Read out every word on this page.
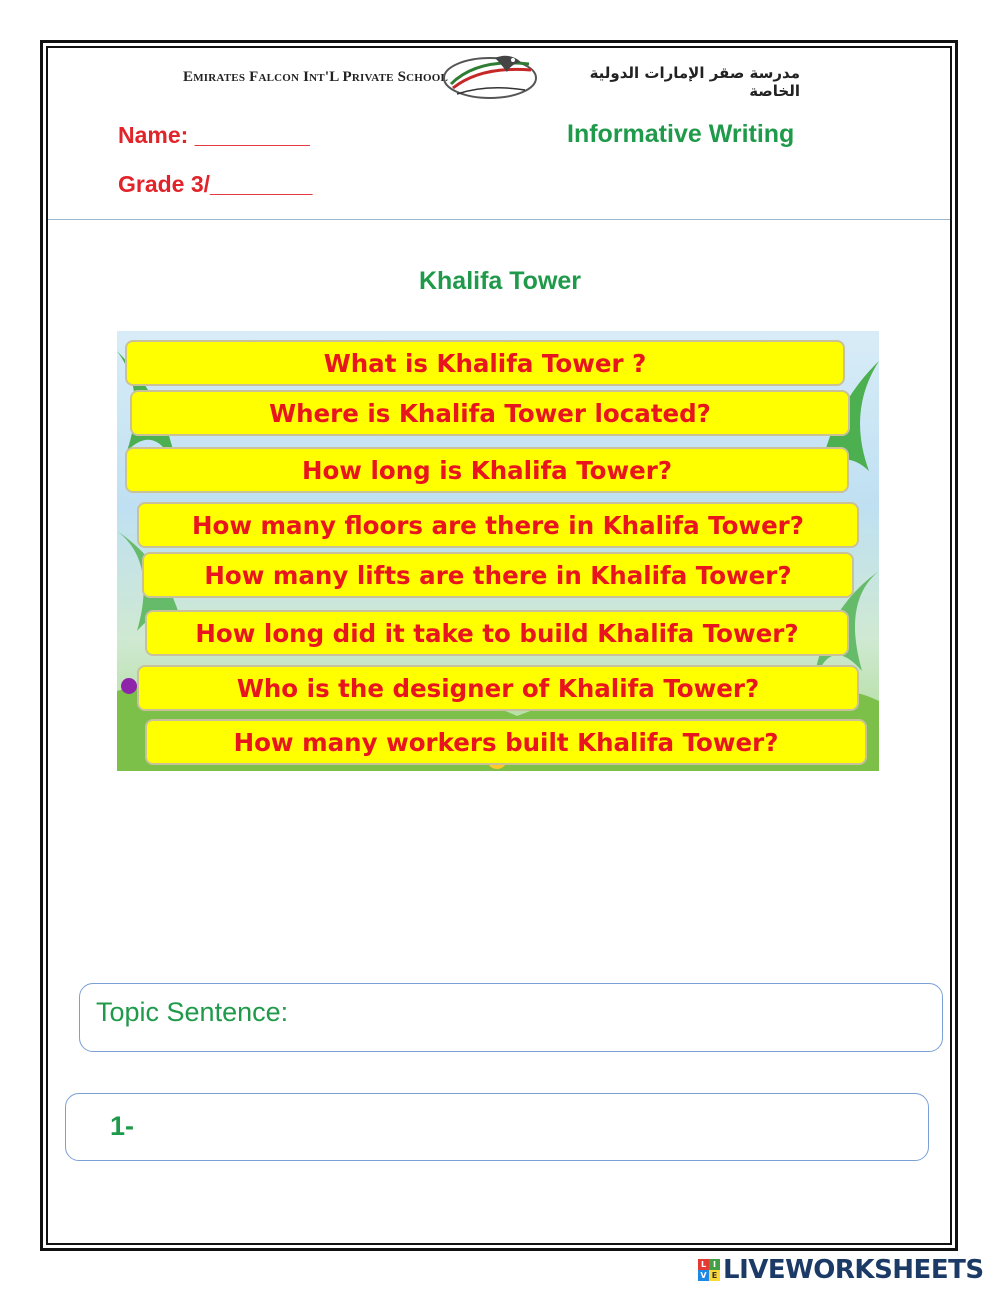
Emirates Falcon Int'L Private School	مدرسة صقر الإمارات الدولية الخاصة
Name: _________	Informative Writing
Grade 3/________
Khalifa Tower
What is Khalifa Tower ?
Where is Khalifa Tower located?
How long is Khalifa Tower?
How many floors are there in Khalifa Tower?
How many lifts are there in Khalifa Tower?
How long did it take to build Khalifa Tower?
Who is the designer of Khalifa Tower?
How many workers built Khalifa Tower?
Topic Sentence:
1-
L I
V E LIVEWORKSHEETS
